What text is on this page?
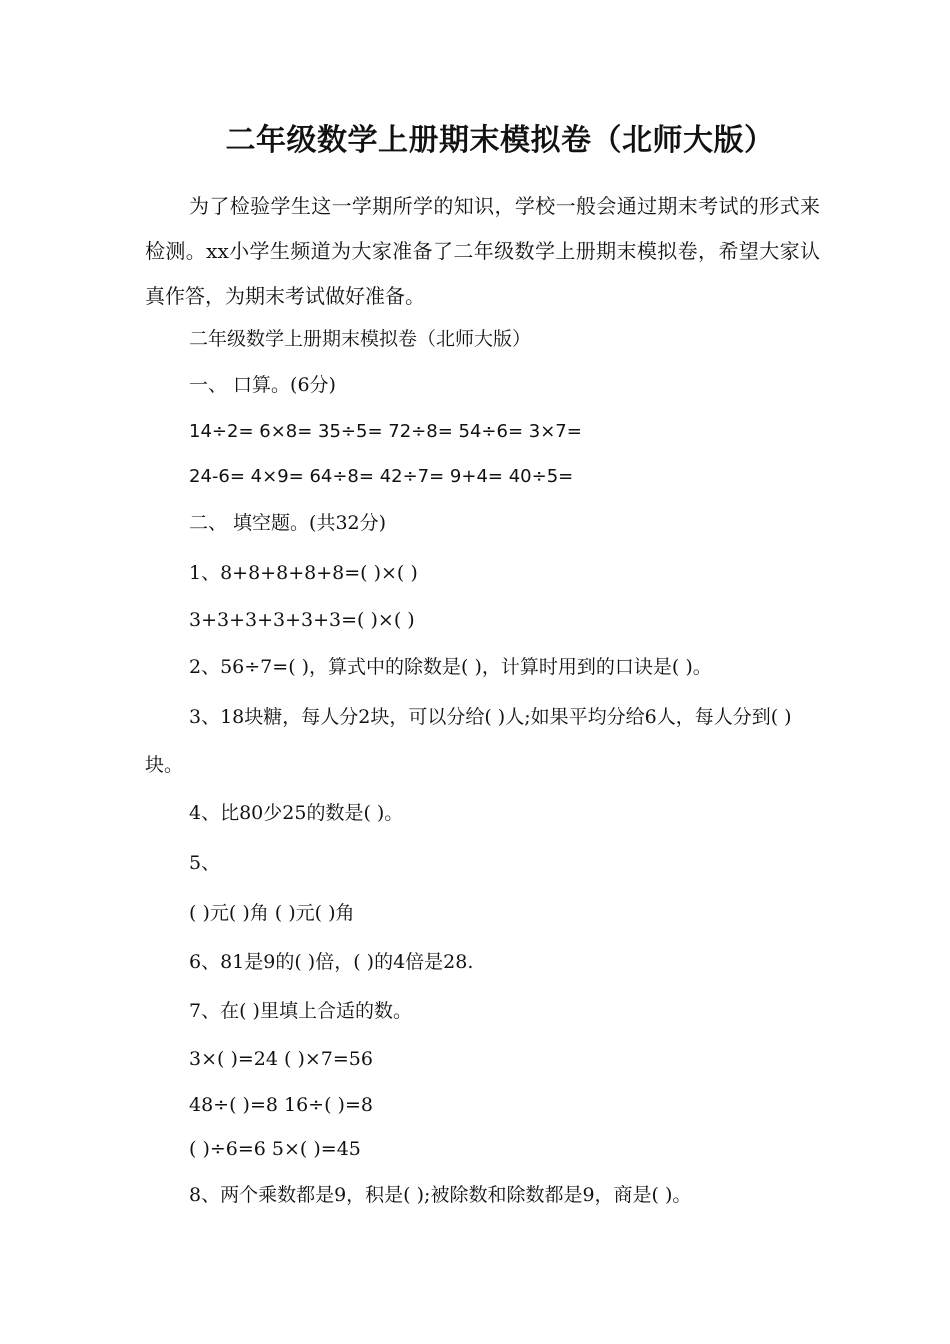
二年级数学上册期末模拟卷（北师大版）

为了检验学生这一学期所学的知识，学校一般会通过期末考试的形式来检测。xx小学生频道为大家准备了二年级数学上册期末模拟卷，希望大家认真作答，为期末考试做好准备。

二年级数学上册期末模拟卷（北师大版）

一、 口算。(6分)

14÷2= 6×8= 35÷5= 72÷8= 54÷6= 3×7=

24-6= 4×9= 64÷8= 42÷7= 9+4= 40÷5=

二、 填空题。(共32分)

1、8+8+8+8+8=( )×( )

3+3+3+3+3+3=( )×( )

2、56÷7=( )，算式中的除数是( )，计算时用到的口诀是( )。

3、18块糖，每人分2块，可以分给( )人;如果平均分给6人，每人分到( )块。

4、比80少25的数是( )。

5、

( )元( )角 ( )元( )角

6、81是9的( )倍，( )的4倍是28.

7、在( )里填上合适的数。

3×( )=24 ( )×7=56

48÷( )=8 16÷( )=8

( )÷6=6 5×( )=45

8、两个乘数都是9，积是( );被除数和除数都是9，商是( )。
